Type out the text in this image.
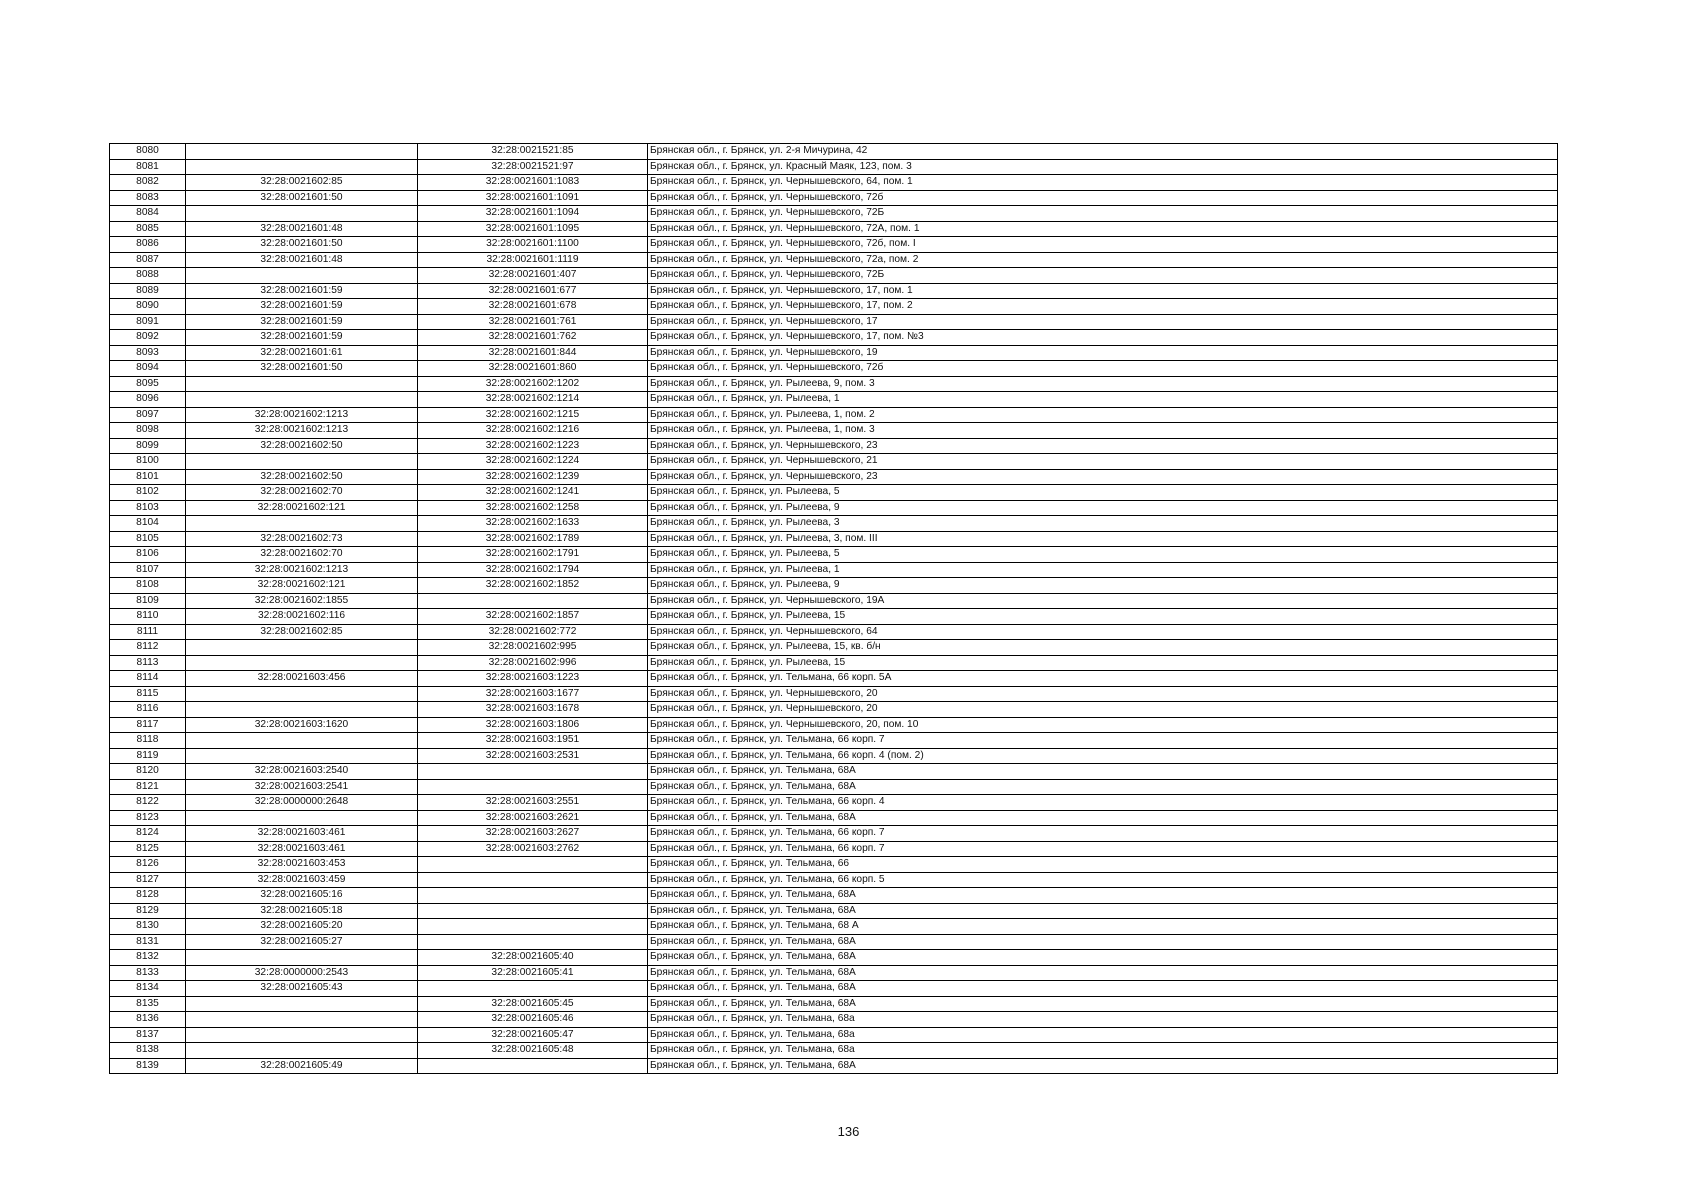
8080		32:28:0021521:85	Брянская обл., г. Брянск, ул. 2-я Мичурина, 42
8081		32:28:0021521:97	Брянская обл., г. Брянск, ул. Красный Маяк, 123, пом. 3
8082	32:28:0021602:85	32:28:0021601:1083	Брянская обл., г. Брянск, ул. Чернышевского, 64, пом. 1
8083	32:28:0021601:50	32:28:0021601:1091	Брянская обл., г. Брянск, ул. Чернышевского, 72б
8084		32:28:0021601:1094	Брянская обл., г. Брянск, ул. Чернышевского, 72Б
8085	32:28:0021601:48	32:28:0021601:1095	Брянская обл., г. Брянск, ул. Чернышевского, 72А, пом. 1
8086	32:28:0021601:50	32:28:0021601:1100	Брянская обл., г. Брянск, ул. Чернышевского, 72б, пом. I
8087	32:28:0021601:48	32:28:0021601:1119	Брянская обл., г. Брянск, ул. Чернышевского, 72а, пом. 2
8088		32:28:0021601:407	Брянская обл., г. Брянск, ул. Чернышевского, 72Б
8089	32:28:0021601:59	32:28:0021601:677	Брянская обл., г. Брянск, ул. Чернышевского, 17, пом. 1
8090	32:28:0021601:59	32:28:0021601:678	Брянская обл., г. Брянск, ул. Чернышевского, 17, пом. 2
8091	32:28:0021601:59	32:28:0021601:761	Брянская обл., г. Брянск, ул. Чернышевского, 17
8092	32:28:0021601:59	32:28:0021601:762	Брянская обл., г. Брянск, ул. Чернышевского, 17, пом. №3
8093	32:28:0021601:61	32:28:0021601:844	Брянская обл., г. Брянск, ул. Чернышевского, 19
8094	32:28:0021601:50	32:28:0021601:860	Брянская обл., г. Брянск, ул. Чернышевского, 72б
8095		32:28:0021602:1202	Брянская обл., г. Брянск, ул. Рылеева, 9, пом. 3
8096		32:28:0021602:1214	Брянская обл., г. Брянск, ул. Рылеева, 1
8097	32:28:0021602:1213	32:28:0021602:1215	Брянская обл., г. Брянск, ул. Рылеева, 1, пом. 2
8098	32:28:0021602:1213	32:28:0021602:1216	Брянская обл., г. Брянск, ул. Рылеева, 1, пом. 3
8099	32:28:0021602:50	32:28:0021602:1223	Брянская обл., г. Брянск, ул. Чернышевского, 23
8100		32:28:0021602:1224	Брянская обл., г. Брянск, ул. Чернышевского, 21
8101	32:28:0021602:50	32:28:0021602:1239	Брянская обл., г. Брянск, ул. Чернышевского, 23
8102	32:28:0021602:70	32:28:0021602:1241	Брянская обл., г. Брянск, ул. Рылеева, 5
8103	32:28:0021602:121	32:28:0021602:1258	Брянская обл., г. Брянск, ул. Рылеева, 9
8104		32:28:0021602:1633	Брянская обл., г. Брянск, ул. Рылеева, 3
8105	32:28:0021602:73	32:28:0021602:1789	Брянская обл., г. Брянск, ул. Рылеева, 3, пом. III
8106	32:28:0021602:70	32:28:0021602:1791	Брянская обл., г. Брянск, ул. Рылеева, 5
8107	32:28:0021602:1213	32:28:0021602:1794	Брянская обл., г. Брянск, ул. Рылеева, 1
8108	32:28:0021602:121	32:28:0021602:1852	Брянская обл., г. Брянск, ул. Рылеева, 9
8109	32:28:0021602:1855		Брянская обл., г. Брянск, ул. Чернышевского, 19А
8110	32:28:0021602:116	32:28:0021602:1857	Брянская обл., г. Брянск, ул. Рылеева, 15
8111	32:28:0021602:85	32:28:0021602:772	Брянская обл., г. Брянск, ул. Чернышевского, 64
8112		32:28:0021602:995	Брянская обл., г. Брянск, ул. Рылеева, 15, кв. б/н
8113		32:28:0021602:996	Брянская обл., г. Брянск, ул. Рылеева, 15
8114	32:28:0021603:456	32:28:0021603:1223	Брянская обл., г. Брянск, ул. Тельмана, 66 корп. 5А
8115		32:28:0021603:1677	Брянская обл., г. Брянск, ул. Чернышевского, 20
8116		32:28:0021603:1678	Брянская обл., г. Брянск, ул. Чернышевского, 20
8117	32:28:0021603:1620	32:28:0021603:1806	Брянская обл., г. Брянск, ул. Чернышевского, 20, пом. 10
8118		32:28:0021603:1951	Брянская обл., г. Брянск, ул. Тельмана, 66 корп. 7
8119		32:28:0021603:2531	Брянская обл., г. Брянск, ул. Тельмана, 66 корп. 4 (пом. 2)
8120	32:28:0021603:2540		Брянская обл., г. Брянск, ул. Тельмана, 68А
8121	32:28:0021603:2541		Брянская обл., г. Брянск, ул. Тельмана, 68А
8122	32:28:0000000:2648	32:28:0021603:2551	Брянская обл., г. Брянск, ул. Тельмана, 66 корп. 4
8123		32:28:0021603:2621	Брянская обл., г. Брянск, ул. Тельмана, 68А
8124	32:28:0021603:461	32:28:0021603:2627	Брянская обл., г. Брянск, ул. Тельмана, 66 корп. 7
8125	32:28:0021603:461	32:28:0021603:2762	Брянская обл., г. Брянск, ул. Тельмана, 66 корп. 7
8126	32:28:0021603:453		Брянская обл., г. Брянск, ул. Тельмана, 66
8127	32:28:0021603:459		Брянская обл., г. Брянск, ул. Тельмана, 66 корп. 5
8128	32:28:0021605:16		Брянская обл., г. Брянск, ул. Тельмана, 68А
8129	32:28:0021605:18		Брянская обл., г. Брянск, ул. Тельмана, 68А
8130	32:28:0021605:20		Брянская обл., г. Брянск, ул. Тельмана, 68 А
8131	32:28:0021605:27		Брянская обл., г. Брянск, ул. Тельмана, 68А
8132		32:28:0021605:40	Брянская обл., г. Брянск, ул. Тельмана, 68А
8133	32:28:0000000:2543	32:28:0021605:41	Брянская обл., г. Брянск, ул. Тельмана, 68А
8134	32:28:0021605:43		Брянская обл., г. Брянск, ул. Тельмана, 68А
8135		32:28:0021605:45	Брянская обл., г. Брянск, ул. Тельмана, 68А
8136		32:28:0021605:46	Брянская обл., г. Брянск, ул. Тельмана, 68а
8137		32:28:0021605:47	Брянская обл., г. Брянск, ул. Тельмана, 68а
8138		32:28:0021605:48	Брянская обл., г. Брянск, ул. Тельмана, 68а
8139	32:28:0021605:49		Брянская обл., г. Брянск, ул. Тельмана, 68А
136
